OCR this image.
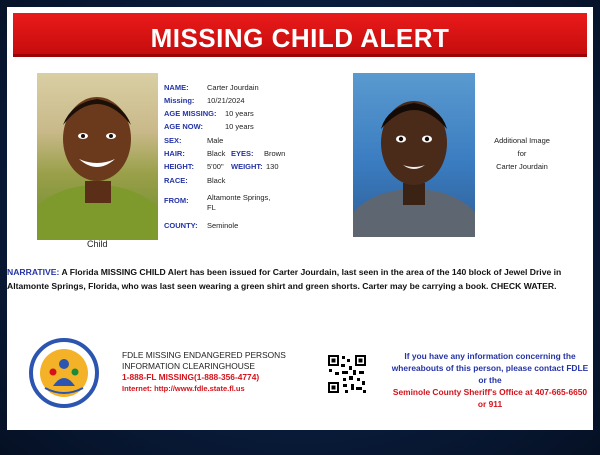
MISSING CHILD ALERT
Child
NAME: Carter Jourdain
Missing: 10/21/2024
AGE MISSING: 10 years
AGE NOW:	10 years
SEX:	Male
HAIR:	Black EYES: Brown
HEIGHT: 5'00" WEIGHT: 130
RACE:	Black
FROM: Altamonte Springs, FL
COUNTY: Seminole
Additional Image
for
Carter Jourdain
NARRATIVE: A Florida MISSING CHILD Alert has been issued for Carter Jourdain, last seen in the area of the 140 block of Jewel Drive in Altamonte Springs, Florida, who was last seen wearing a green shirt and green shorts. Carter may be carrying a book. CHECK WATER.
FDLE MISSING ENDANGERED PERSONS
INFORMATION CLEARINGHOUSE
1-888-FL MISSING(1-888-356-4774)
Internet: http://www.fdle.state.fl.us
If you have any information concerning the
whereabouts of this person, please contact FDLE
or the
Seminole County Sheriff's Office at 407-665-6650
or 911
